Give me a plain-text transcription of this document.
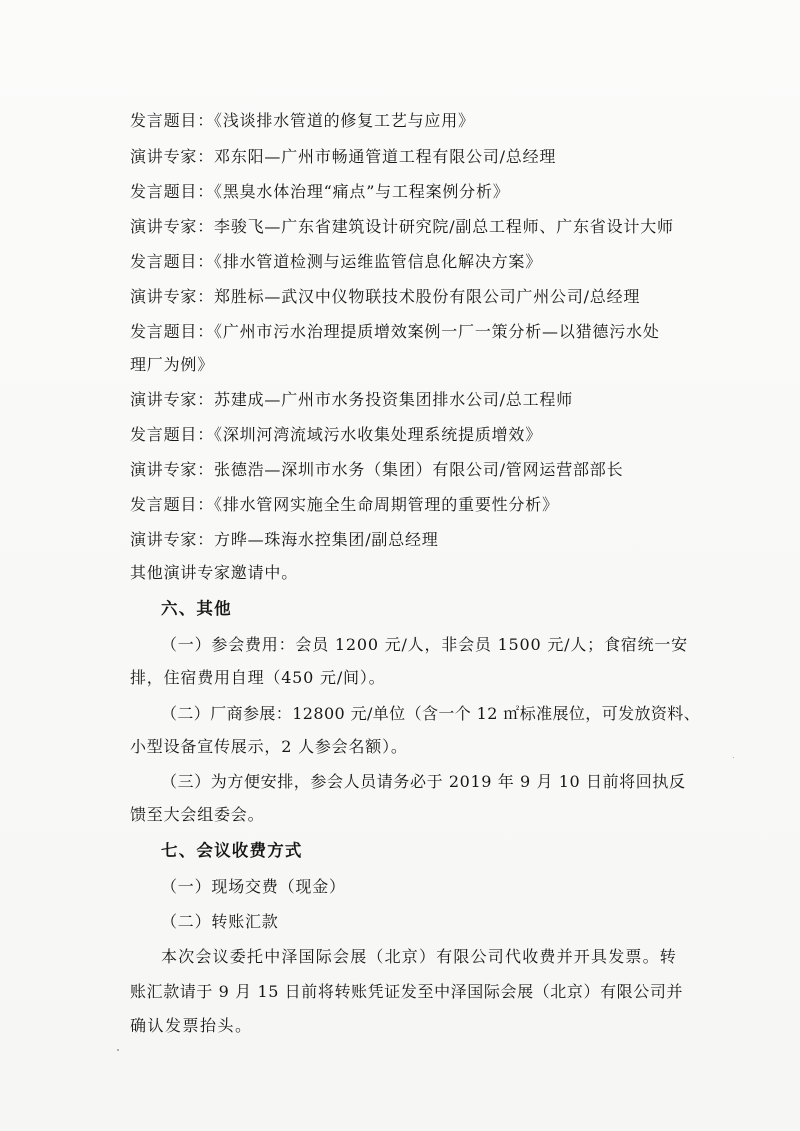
发言题目：《浅谈排水管道的修复工艺与应用》
演讲专家：邓东阳—广州市畅通管道工程有限公司/总经理
发言题目：《黑臭水体治理“痛点”与工程案例分析》
演讲专家：李骏飞—广东省建筑设计研究院/副总工程师、广东省设计大师
发言题目：《排水管道检测与运维监管信息化解决方案》
演讲专家：郑胜标—武汉中仪物联技术股份有限公司广州公司/总经理
发言题目：《广州市污水治理提质增效案例一厂一策分析—以猎德污水处
理厂为例》
演讲专家：苏建成—广州市水务投资集团排水公司/总工程师
发言题目：《深圳河湾流域污水收集处理系统提质增效》
演讲专家：张德浩—深圳市水务（集团）有限公司/管网运营部部长
发言题目：《排水管网实施全生命周期管理的重要性分析》
演讲专家：方晔—珠海水控集团/副总经理
其他演讲专家邀请中。
六、其他
（一）参会费用：会员 1200 元/人，非会员 1500 元/人；食宿统一安
排，住宿费用自理（450 元/间）。
（二）厂商参展：12800 元/单位（含一个 12 ㎡标准展位，可发放资料、
小型设备宣传展示，2 人参会名额）。
（三）为方便安排，参会人员请务必于 2019 年 9 月 10 日前将回执反
馈至大会组委会。
七、会议收费方式
（一）现场交费（现金）
（二）转账汇款
本次会议委托中泽国际会展（北京）有限公司代收费并开具发票。转
账汇款请于 9 月 15 日前将转账凭证发至中泽国际会展（北京）有限公司并
确认发票抬头。
